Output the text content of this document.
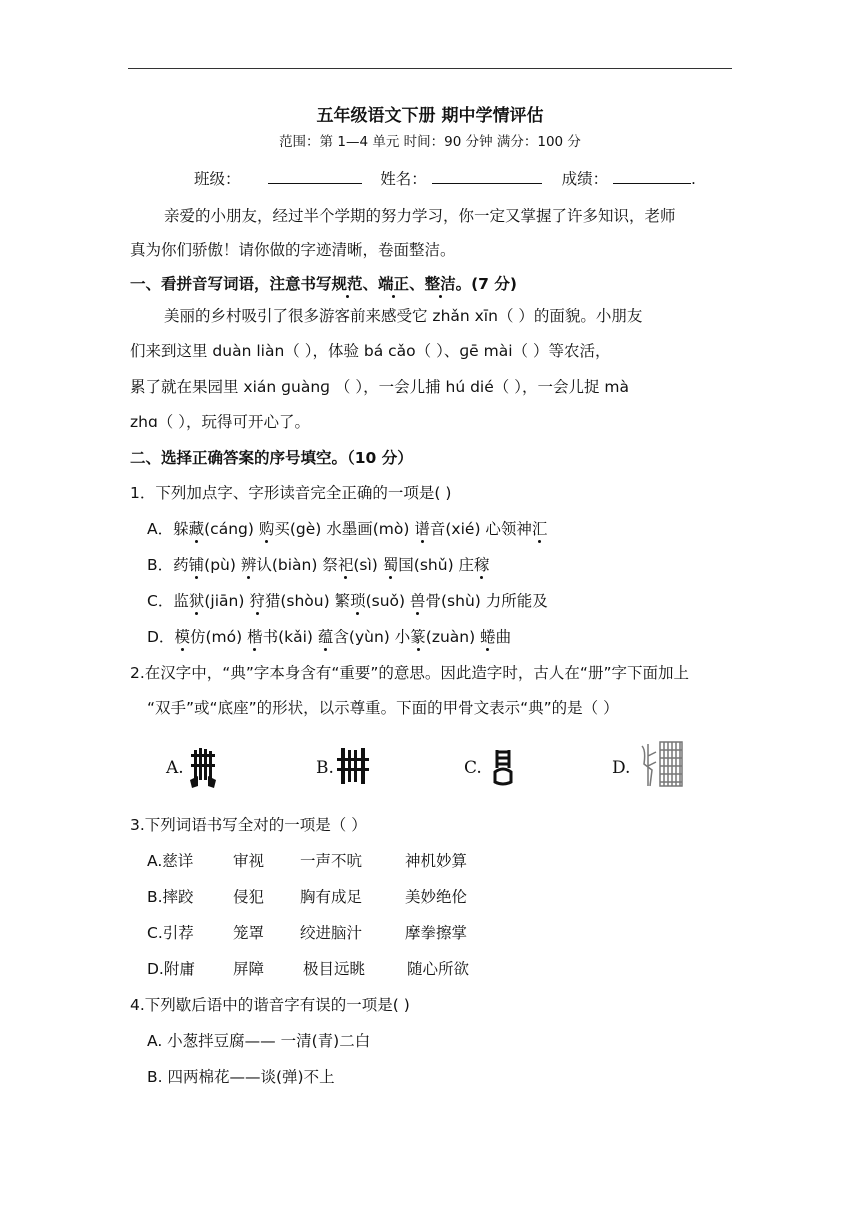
五年级语文下册 期中学情评估
范围：第 1—4 单元 时间：90 分钟 满分：100 分
班级：	姓名：	成绩：	.
亲爱的小朋友，经过半个学期的努力学习，你一定又掌握了许多知识，老师
真为你们骄傲！请你做的字迹清晰，卷面整洁。
一、看拼音写词语，注意书写规范、端正、整洁。(7 分)
美丽的乡村吸引了很多游客前来感受它 zhǎn xīn（ ）的面貌。小朋友
们来到这里 duàn liàn（ ），体验 bá cǎo（ ）、ɡē mài（ ）等农活，
累了就在果园里 xián ɡuànɡ （ ），一会儿捕 hú dié（ ），一会儿捉 mà
zhɑ（ ），玩得可开心了。
二、选择正确答案的序号填空。（10 分）
1．下列加点字、字形读音完全正确的一项是( )
A．躲藏(cáng) 购买(gè) 水墨画(mò) 谱音(xié) 心领神汇
B．药铺(pù) 辨认(biàn) 祭祀(sì) 蜀国(shǔ) 庄稼
C．监狱(jiān) 狩猎(shòu) 繁琐(suǒ) 兽骨(shù) 力所能及
D．模仿(mó) 楷书(kǎi) 蕴含(yùn) 小篆(zuàn) 蜷曲
2.在汉字中，“典”字本身含有“重要”的意思。因此造字时，古人在“册”字下面加上
“双手”或“底座”的形状，以示尊重。下面的甲骨文表示“典”的是（ ）
A.	B.	C.	D.
3.下列词语书写全对的一项是（ ）
A.慈详	审视 一声不吭	神机妙算
B.摔跤	侵犯 胸有成足	美妙绝伦
C.引荐	笼罩 绞进脑汁	摩拳擦掌
D.附庸 屏障	极目远眺	随心所欲
4.下列歇后语中的谐音字有误的一项是( )
A. 小葱拌豆腐—— 一清(青)二白
B. 四两棉花——谈(弹)不上
